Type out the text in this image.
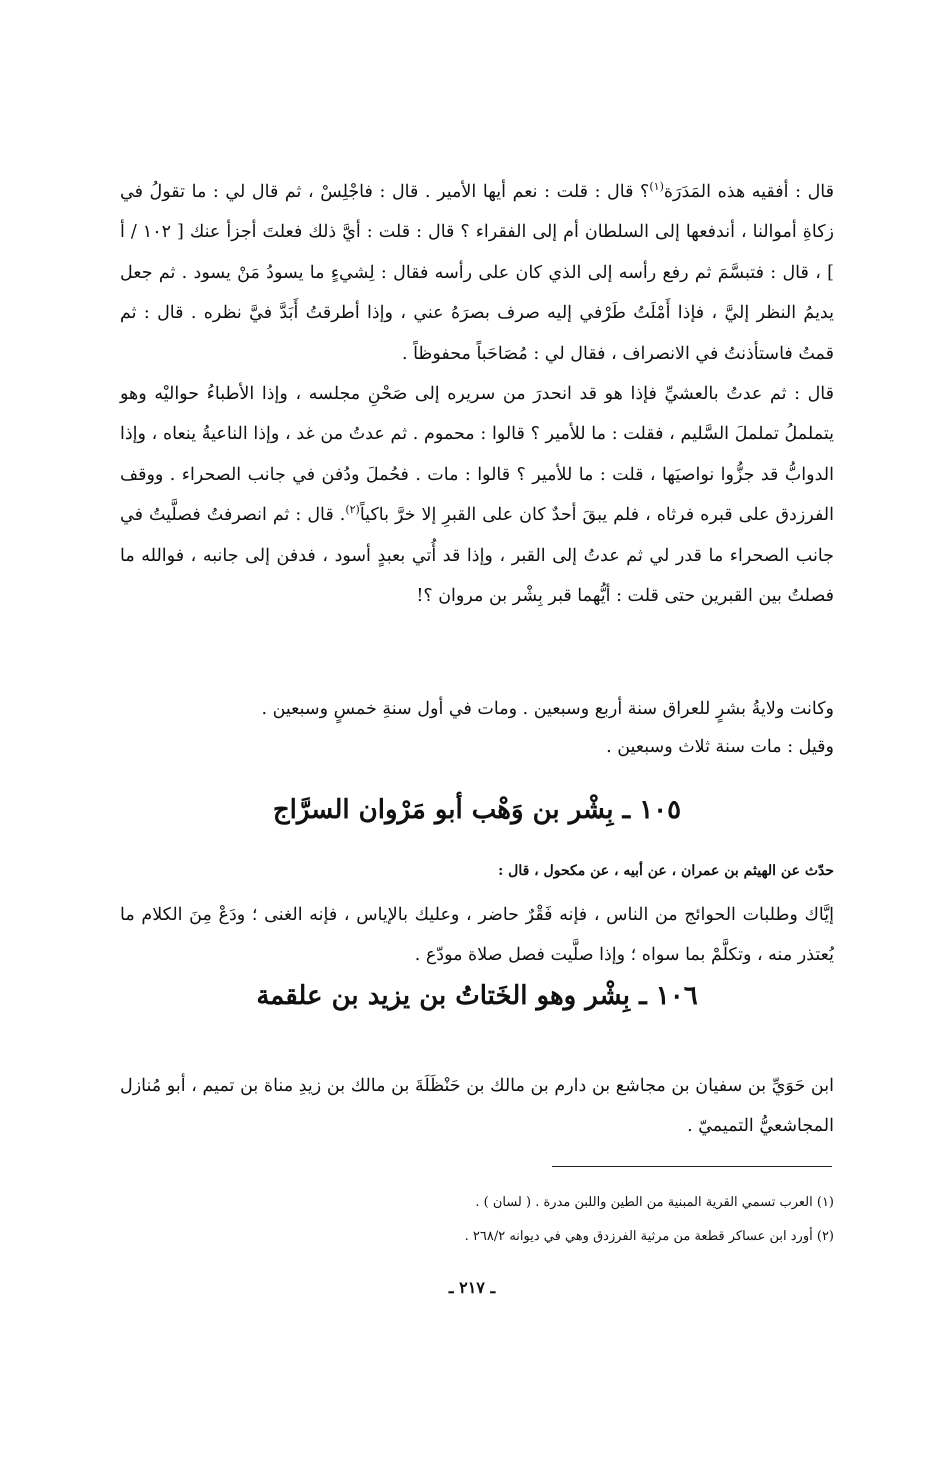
قال : أفقيه هذه المَدَرَة$^{(١)}$؟ قال : قلت : نعم أيها الأمير . قال : فاجْلِسْ ، ثم قال لي : ما تقولُ في زكاةِ أموالنا ، أندفعها إلى السلطان أم إلى الفقراء ؟ قال : قلت : أيَّ ذلك فعلتَ أجزأ عنك [ ١٠٢ / أ ] ، قال : فتبسَّمَ ثم رفع رأسه إلى الذي كان على رأسه فقال : لِشيءٍ ما يسودُ مَنْ يسود . ثم جعل يديمُ النظر إليَّ ، فإذا أَمْلَتُ طَرْفي إليه صرف بصرَهُ عني ، وإذا أطرقتُ أَبَدَّ فيَّ نظره . قال : ثم قمتُ فاستأذنتُ في الانصراف ، فقال لي : مُصَاحَباً محفوظاً .

قال : ثم عدتُ بالعشيِّ فإذا هو قد انحدرَ من سريره إلى صَحْنِ مجلسه ، وإذا الأطباءُ حواليْه وهو يتململُ تململَ السَّليم ، فقلت : ما للأمير ؟ قالوا : محموم . ثم عدتُ من غد ، وإذا الناعيةُ ينعاه ، وإذا الدوابُّ قد جزُّوا نواصيَها ، قلت : ما للأمير ؟ قالوا : مات . فحُملَ ودُفن في جانب الصحراء . ووقف الفرزدق على قبره فرثاه ، فلم يبقَ أحدٌ كان على القبرِ إلا خرَّ باكياً$^{(٢)}$. قال : ثم انصرفتُ فصلَّيتُ في جانب الصحراء ما قدر لي ثم عدتُ إلى القبر ، وإذا قد أُتي بعبدٍ أسود ، فدفن إلى جانبه ، فوالله ما فصلتُ بين القبرين حتى قلت : أيُّهما قبر بِشْر بن مروان ؟!

وكانت ولايةُ بشرٍ للعراق سنة أربع وسبعين . ومات في أول سنةِ خمسٍ وسبعين .

وقيل : مات سنة ثلاث وسبعين .

١٠٥ ـ بِشْر بن وَهْب أبو مَرْوان السرَّاج

حدّث عن الهيثم بن عمران ، عن أبيه ، عن مكحول ، قال :

إيَّاك وطلبات الحوائج من الناس ، فإنه فَقْرٌ حاضر ، وعليك بالإياس ، فإنه الغنى ؛ ودَعْ مِنَ الكلام ما يُعتذر منه ، وتكلَّمْ بما سواه ؛ وإذا صلَّيت فصل صلاة مودّع .

١٠٦ ـ بِشْر وهو الخَتاتُ بن يزيد بن علقمة

ابن حَوَيِّ بن سفيان بن مجاشع بن دارم بن مالك بن حَنْظَلَةَ بن مالك بن زيدِ مناة بن تميم ، أبو مُنازل المجاشعيُّ التميميّ .

(١) العرب تسمي القرية المبنية من الطين واللبن مدرة . ( لسان ) .

(٢) أورد ابن عساكر قطعة من مرثية الفرزدق وهي في ديوانه ٢٦٨/٢ .

ـ ٢١٧ ـ
